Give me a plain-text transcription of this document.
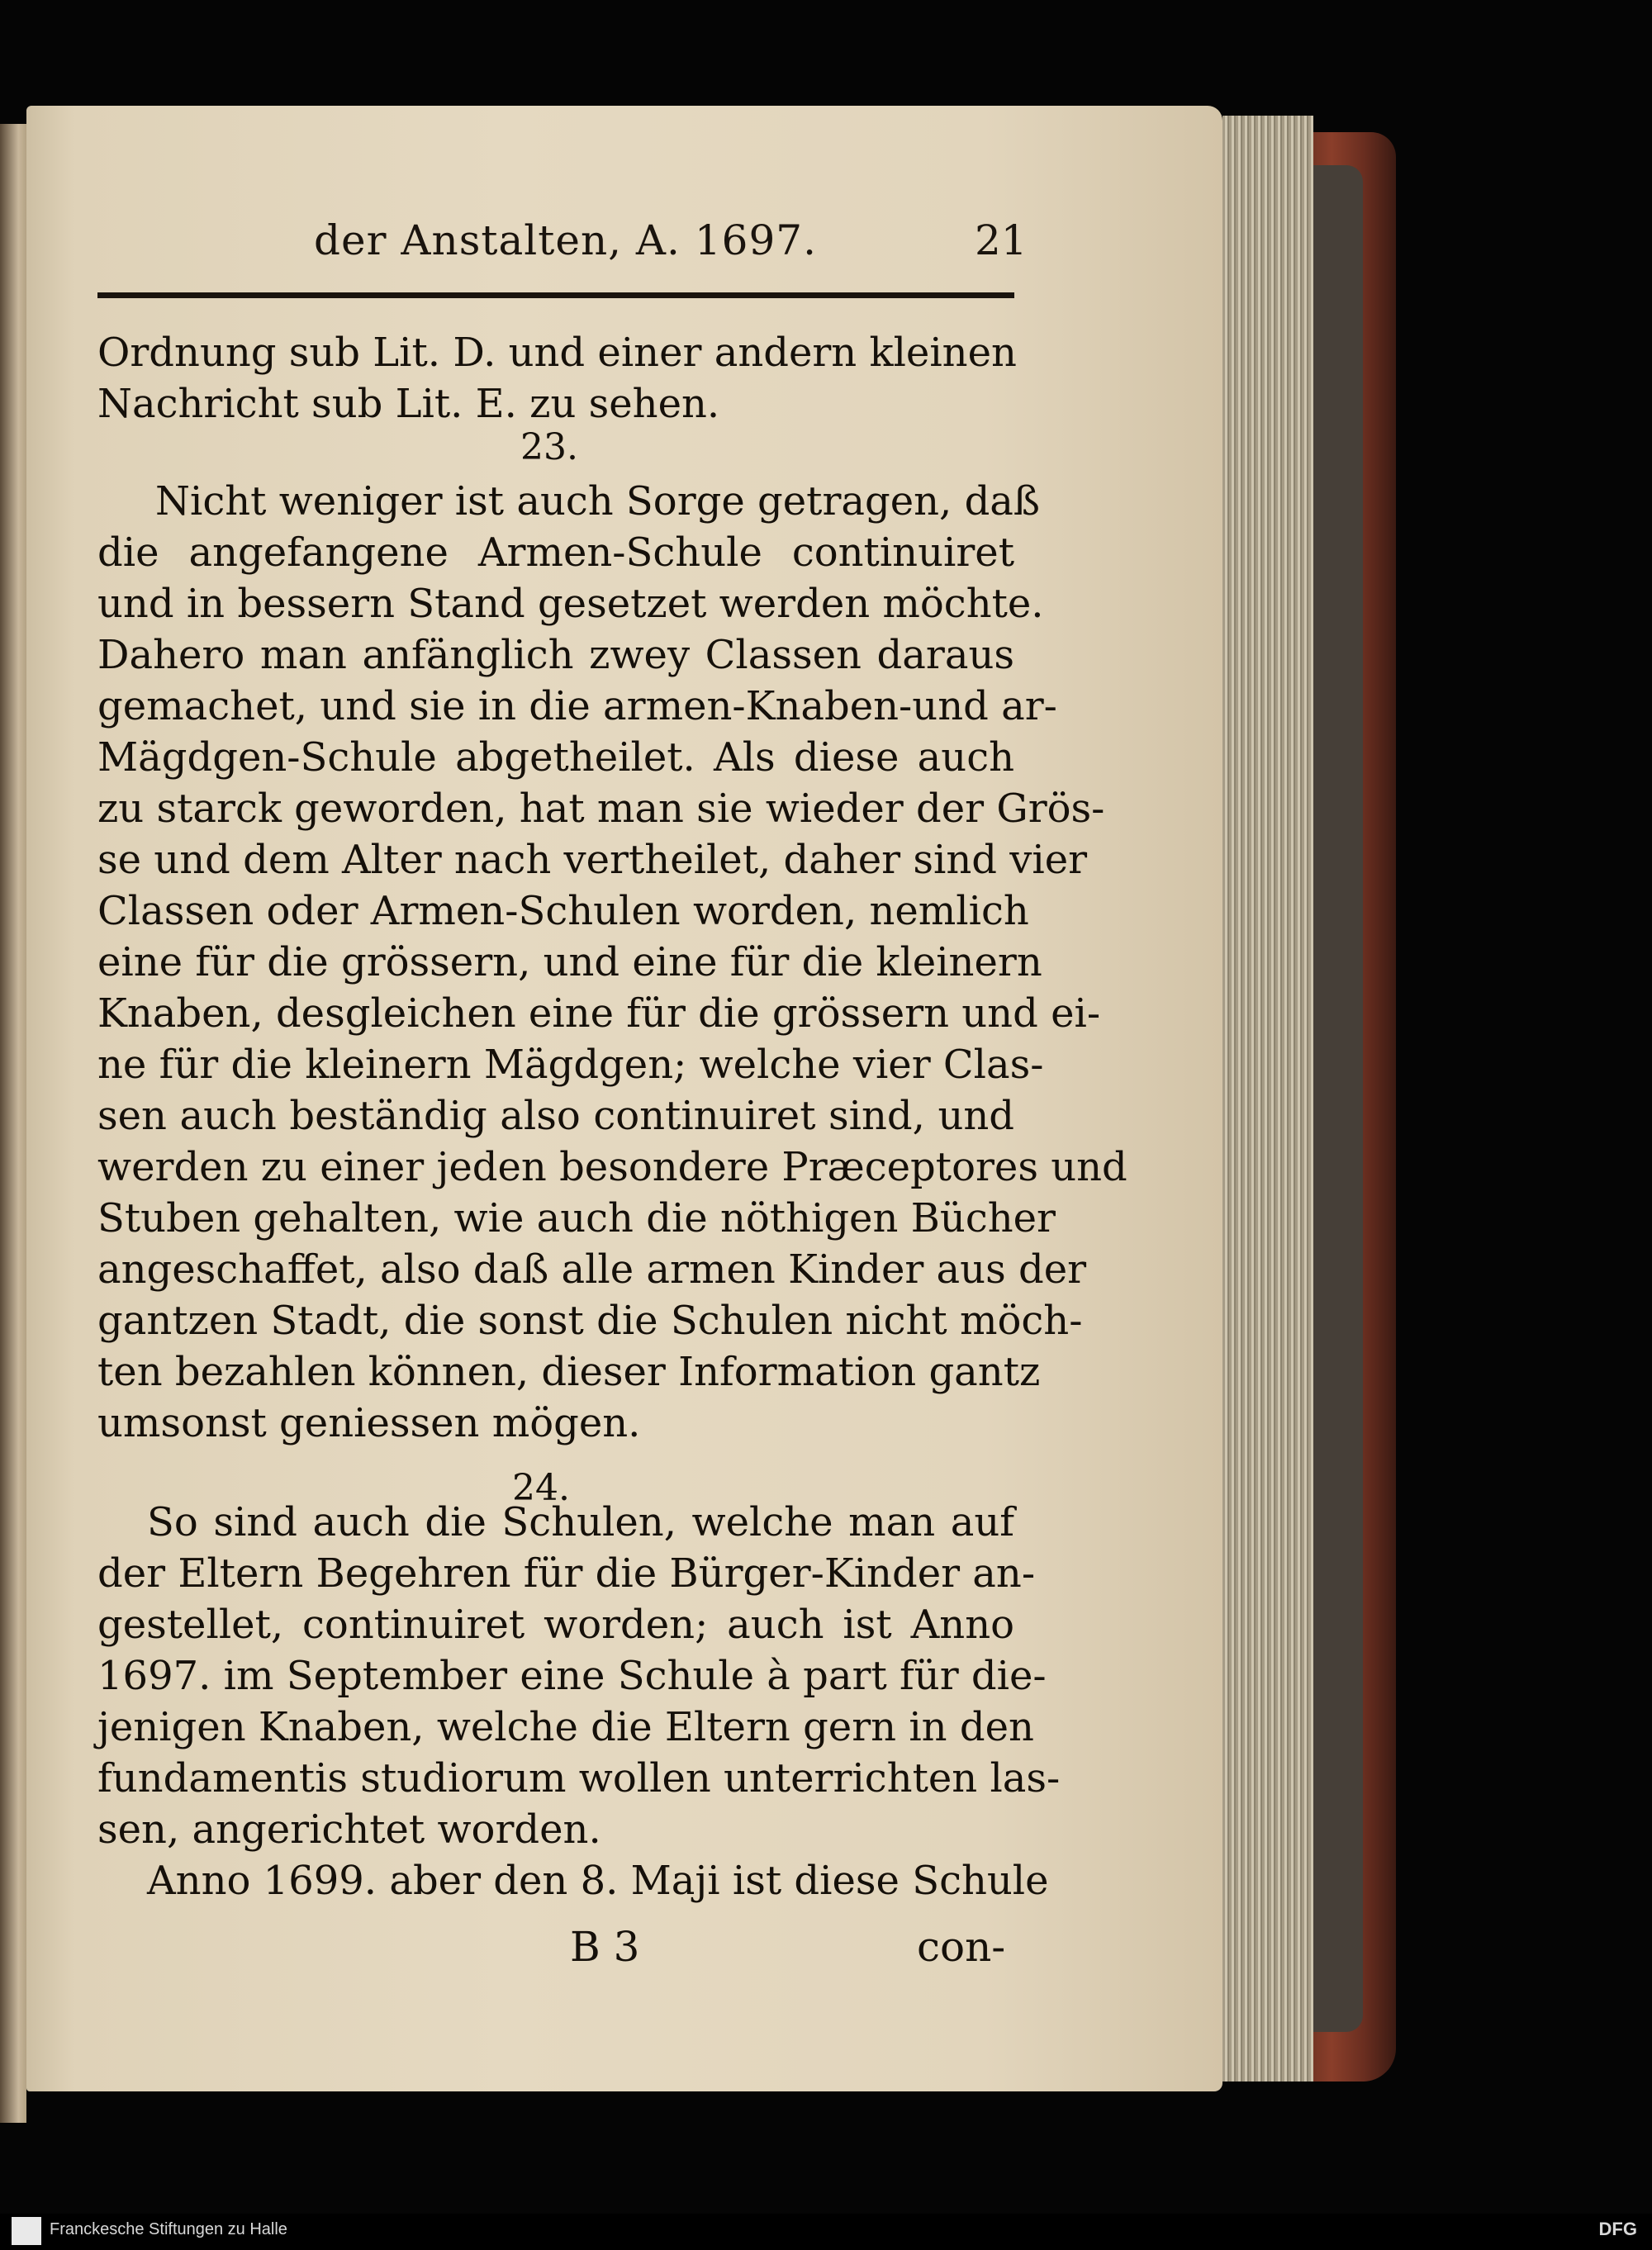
der Anstalten, A. 1697.	21
Ordnung sub Lit. D. und einer andern kleinen
Nachricht sub Lit. E. zu sehen.
23.
Nicht weniger ist auch Sorge getragen, daß
die angefangene Armen-Schule continuiret
und in bessern Stand gesetzet werden möchte.
Dahero man anfänglich zwey Classen daraus
gemachet, und sie in die armen-Knaben-und ar-
Mägdgen-Schule abgetheilet. Als diese auch
zu starck geworden, hat man sie wieder der Grös-
se und dem Alter nach vertheilet, daher sind vier
Classen oder Armen-Schulen worden, nemlich
eine für die grössern, und eine für die kleinern
Knaben, desgleichen eine für die grössern und ei-
ne für die kleinern Mägdgen; welche vier Clas-
sen auch beständig also continuiret sind, und
werden zu einer jeden besondere Præceptores und
Stuben gehalten, wie auch die nöthigen Bücher
angeschaffet, also daß alle armen Kinder aus der
gantzen Stadt, die sonst die Schulen nicht möch-
ten bezahlen können, dieser Information gantz
umsonst geniessen mögen.
24.
So sind auch die Schulen, welche man auf
der Eltern Begehren für die Bürger-Kinder an-
gestellet, continuiret worden; auch ist Anno
1697. im September eine Schule à part für die-
jenigen Knaben, welche die Eltern gern in den
fundamentis studiorum wollen unterrichten las-
sen, angerichtet worden.
Anno 1699. aber den 8. Maji ist diese Schule
B 3	con-
Franckesche Stiftungen zu Halle	DFG
